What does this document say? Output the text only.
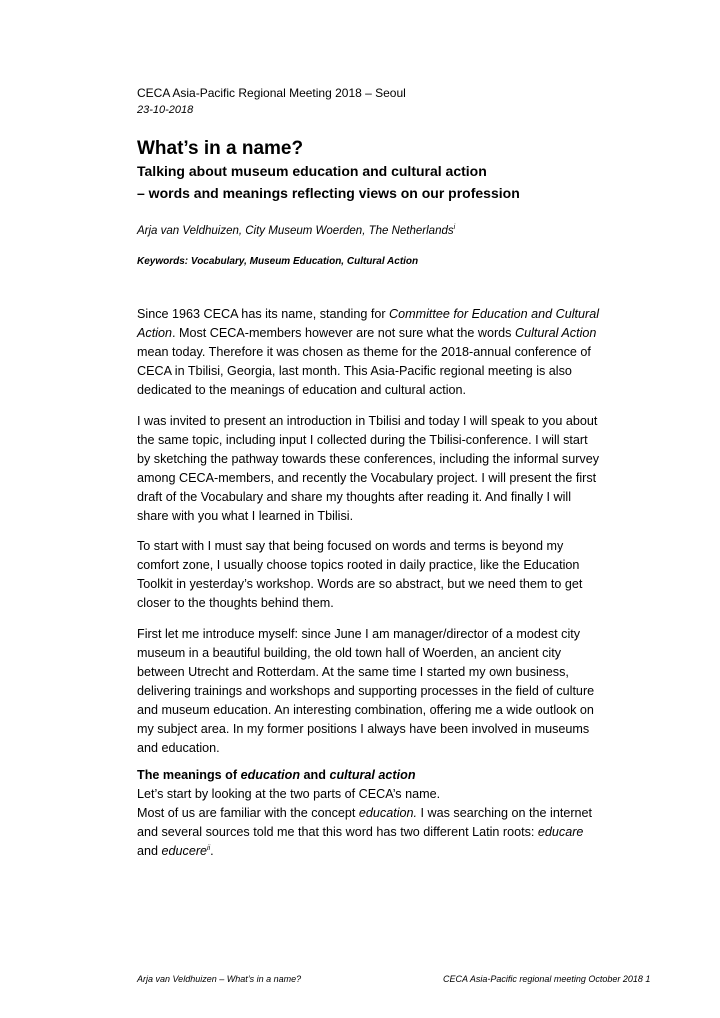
CECA Asia-Pacific Regional Meeting 2018 – Seoul
23-10-2018
What’s in a name?
Talking about museum education and cultural action
– words and meanings reflecting views on our profession
Arja van Veldhuizen, City Museum Woerden, The Netherlands$^i$
Keywords: Vocabulary, Museum Education, Cultural Action
Since 1963 CECA has its name, standing for Committee for Education and Cultural
Action. Most CECA-members however are not sure what the words Cultural Action
mean today. Therefore it was chosen as theme for the 2018-annual conference of
CECA in Tbilisi, Georgia, last month. This Asia-Pacific regional meeting is also
dedicated to the meanings of education and cultural action.
I was invited to present an introduction in Tbilisi and today I will speak to you about
the same topic, including input I collected during the Tbilisi-conference. I will start
by sketching the pathway towards these conferences, including the informal survey
among CECA-members, and recently the Vocabulary project. I will present the first
draft of the Vocabulary and share my thoughts after reading it. And finally I will
share with you what I learned in Tbilisi.
To start with I must say that being focused on words and terms is beyond my
comfort zone, I usually choose topics rooted in daily practice, like the Education
Toolkit in yesterday’s workshop. Words are so abstract, but we need them to get
closer to the thoughts behind them.
First let me introduce myself: since June I am manager/director of a modest city
museum in a beautiful building, the old town hall of Woerden, an ancient city
between Utrecht and Rotterdam. At the same time I started my own business,
delivering trainings and workshops and supporting processes in the field of culture
and museum education. An interesting combination, offering me a wide outlook on
my subject area. In my former positions I always have been involved in museums
and education.
The meanings of education and cultural action
Let’s start by looking at the two parts of CECA’s name.
Most of us are familiar with the concept education. I was searching on the internet
and several sources told me that this word has two different Latin roots: educare
and educere$^{ii}$.
Arja van Veldhuizen – What’s in a name?	CECA Asia-Pacific regional meeting October 2018 1
